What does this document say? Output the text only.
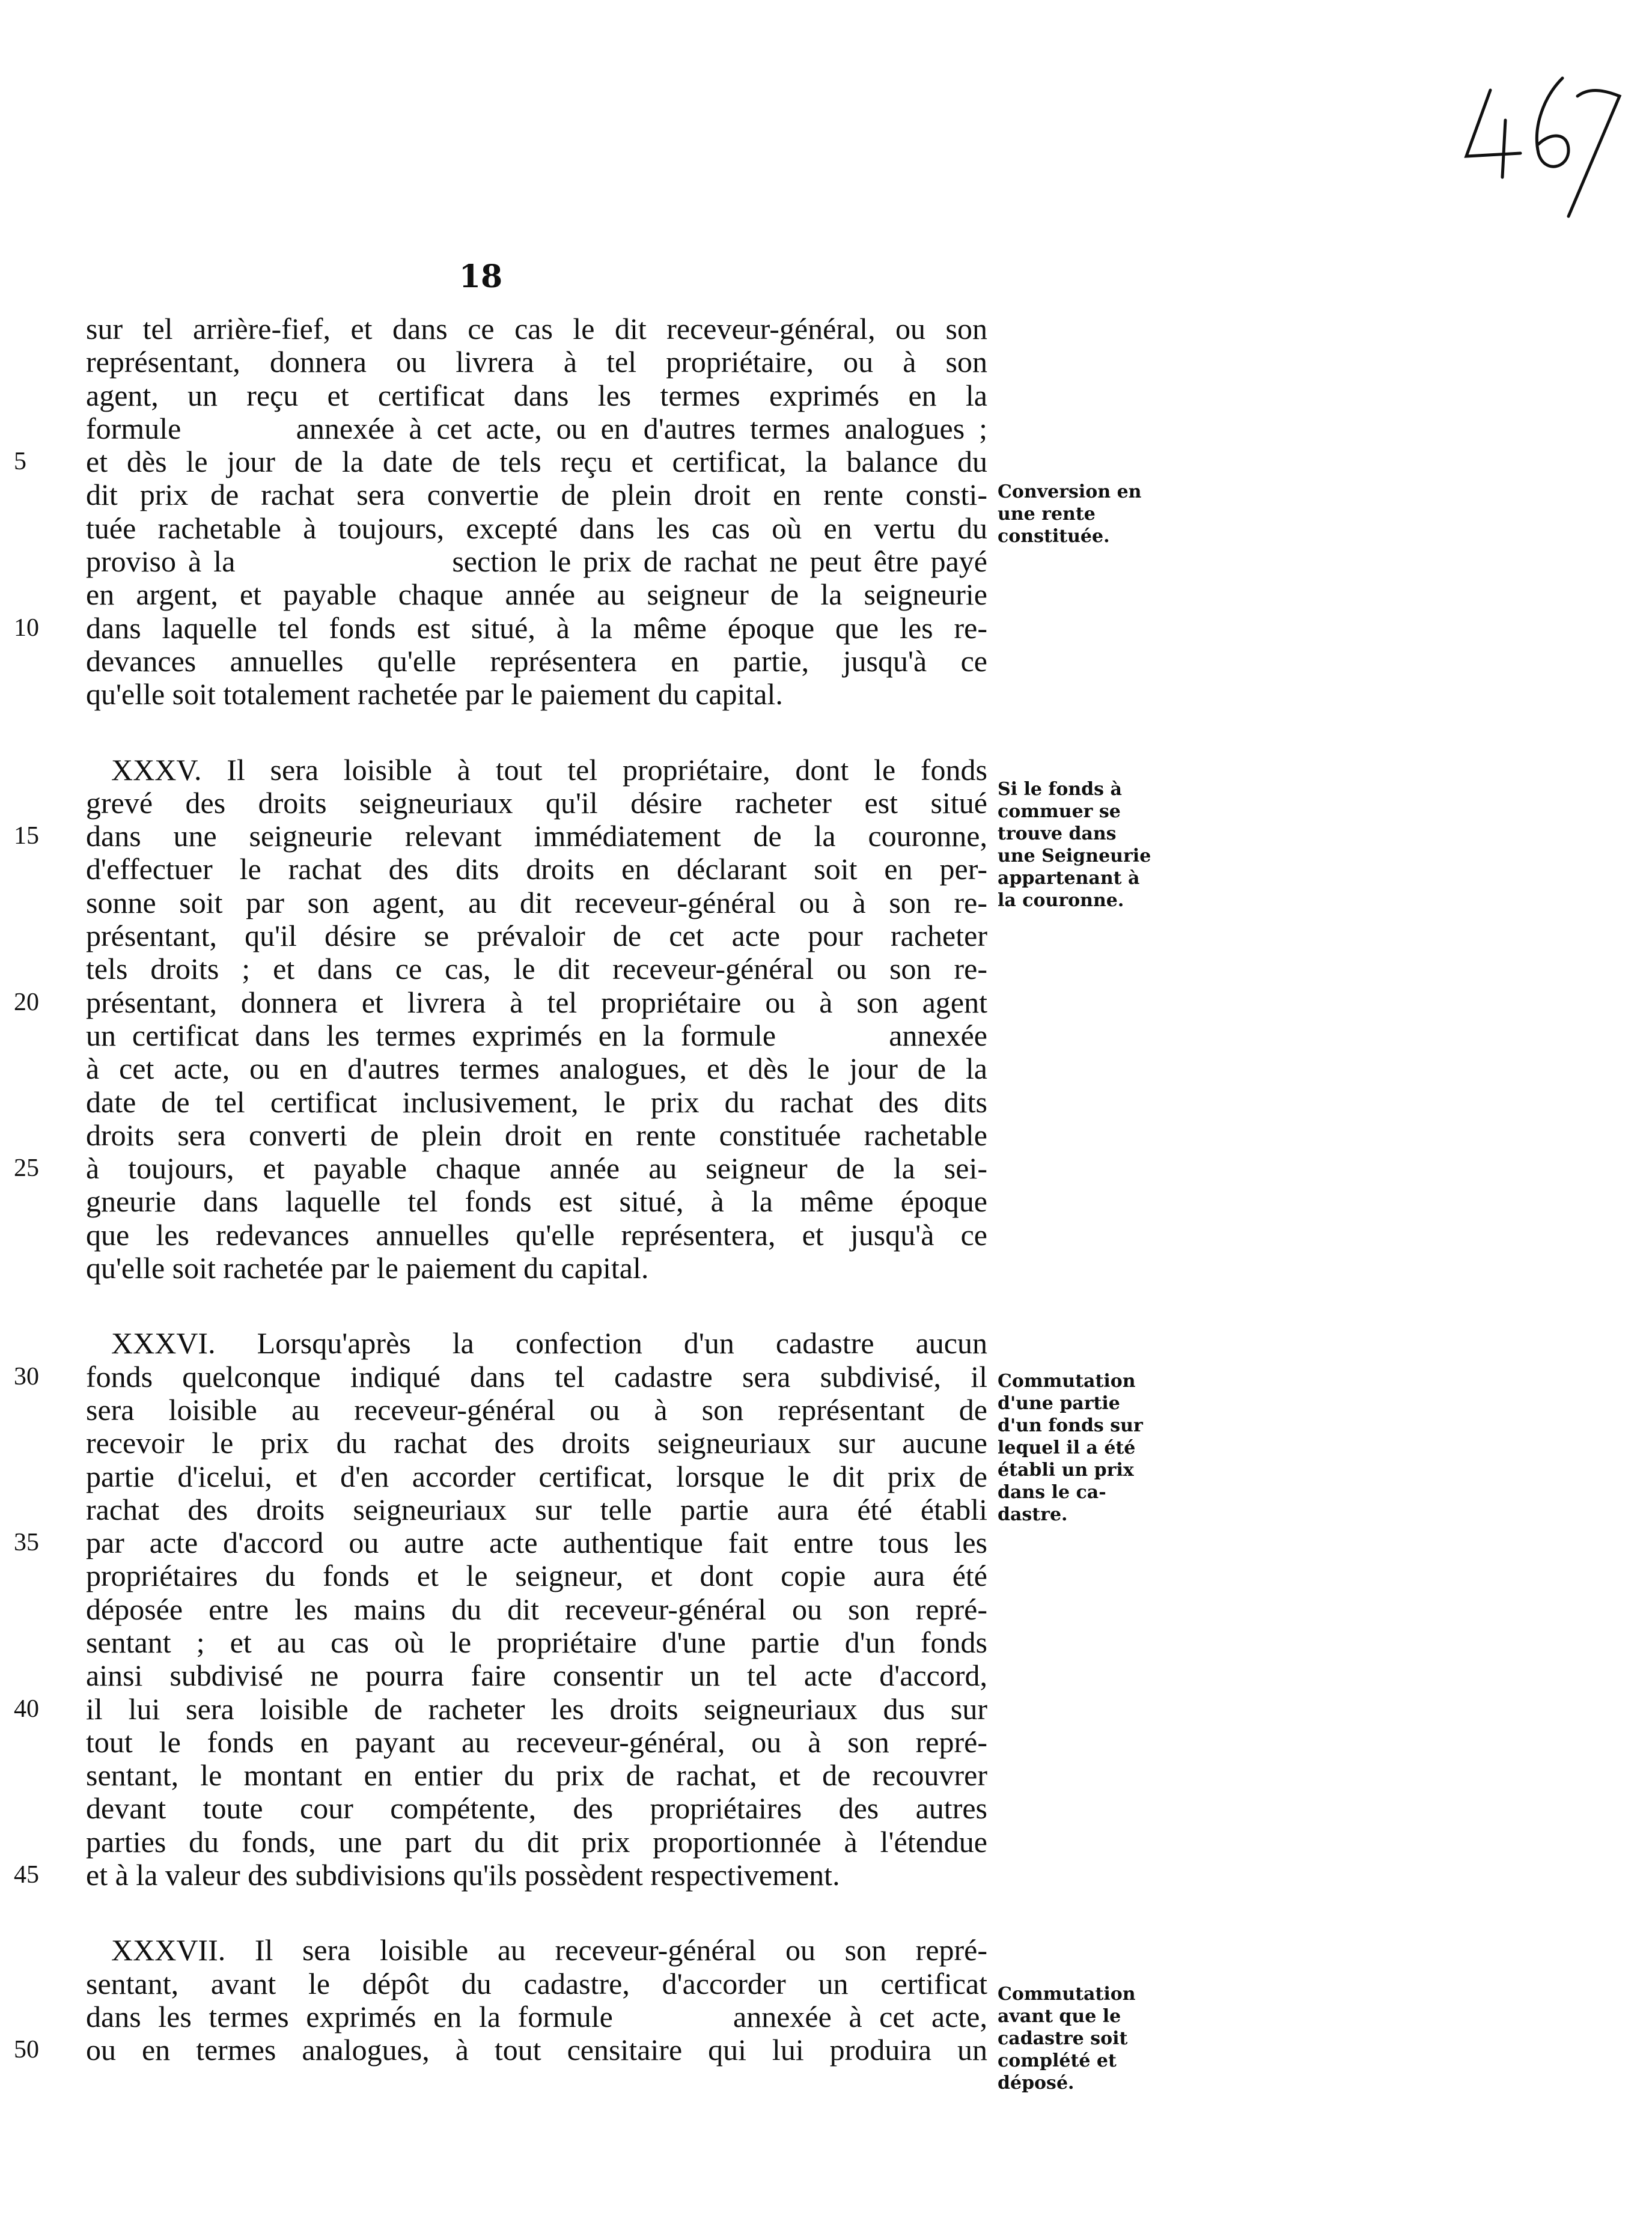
18
sur tel arrière-fief, et dans ce cas le dit receveur-général, ou son
représentant, donnera ou livrera à tel propriétaire, ou à son
agent, un reçu et certificat dans les termes exprimés en la
formule        annexée à cet acte, ou en d'autres termes analogues ;
5	et dès le jour de la date de tels reçu et certificat, la balance du
dit prix de rachat sera convertie de plein droit en rente consti-
tuée rachetable à toujours, excepté dans les cas où en vertu du
proviso à la                  section le prix de rachat ne peut être payé
en argent, et payable chaque année au seigneur de la seigneurie
10	dans laquelle tel fonds est situé, à la même époque que les re-
devances annuelles qu'elle représentera en partie, jusqu'à ce
qu'elle soit totalement rachetée par le paiement du capital.
XXXV. Il sera loisible à tout tel propriétaire, dont le fonds
grevé des droits seigneuriaux qu'il désire racheter est situé
15	dans une seigneurie relevant immédiatement de la couronne,
d'effectuer le rachat des dits droits en déclarant soit en per-
sonne soit par son agent, au dit receveur-général ou à son re-
présentant, qu'il désire se prévaloir de cet acte pour racheter
tels droits ; et dans ce cas, le dit receveur-général ou son re-
20	présentant, donnera et livrera à tel propriétaire ou à son agent
un certificat dans les termes exprimés en la formule       annexée
à cet acte, ou en d'autres termes analogues, et dès le jour de la
date de tel certificat inclusivement, le prix du rachat des dits
droits sera converti de plein droit en rente constituée rachetable
25	à toujours, et payable chaque année au seigneur de la sei-
gneurie dans laquelle tel fonds est situé, à la même époque
que les redevances annuelles qu'elle représentera, et jusqu'à ce
qu'elle soit rachetée par le paiement du capital.
XXXVI. Lorsqu'après la confection d'un cadastre aucun
30	fonds quelconque indiqué dans tel cadastre sera subdivisé, il
sera loisible au receveur-général ou à son représentant de
recevoir le prix du rachat des droits seigneuriaux sur aucune
partie d'icelui, et d'en accorder certificat, lorsque le dit prix de
rachat des droits seigneuriaux sur telle partie aura été établi
35	par acte d'accord ou autre acte authentique fait entre tous les
propriétaires du fonds et le seigneur, et dont copie aura été
déposée entre les mains du dit receveur-général ou son repré-
sentant ; et au cas où le propriétaire d'une partie d'un fonds
ainsi subdivisé ne pourra faire consentir un tel acte d'accord,
40	il lui sera loisible de racheter les droits seigneuriaux dus sur
tout le fonds en payant au receveur-général, ou à son repré-
sentant, le montant en entier du prix de rachat, et de recouvrer
devant toute cour compétente, des propriétaires des autres
parties du fonds, une part du dit prix proportionnée à l'étendue
45	et à la valeur des subdivisions qu'ils possèdent respectivement.
XXXVII. Il sera loisible au receveur-général ou son repré-
sentant, avant le dépôt du cadastre, d'accorder un certificat
dans les termes exprimés en la formule       annexée à cet acte,
50	ou en termes analogues, à tout censitaire qui lui produira un
Conversion en
une rente
constituée.
Si le fonds à
commuer se
trouve dans
une Seigneurie
appartenant à
la couronne.
Commutation
d'une partie
d'un fonds sur
lequel il a été
établi un prix
dans le ca-
dastre.
Commutation
avant que le
cadastre soit
complété et
déposé.
